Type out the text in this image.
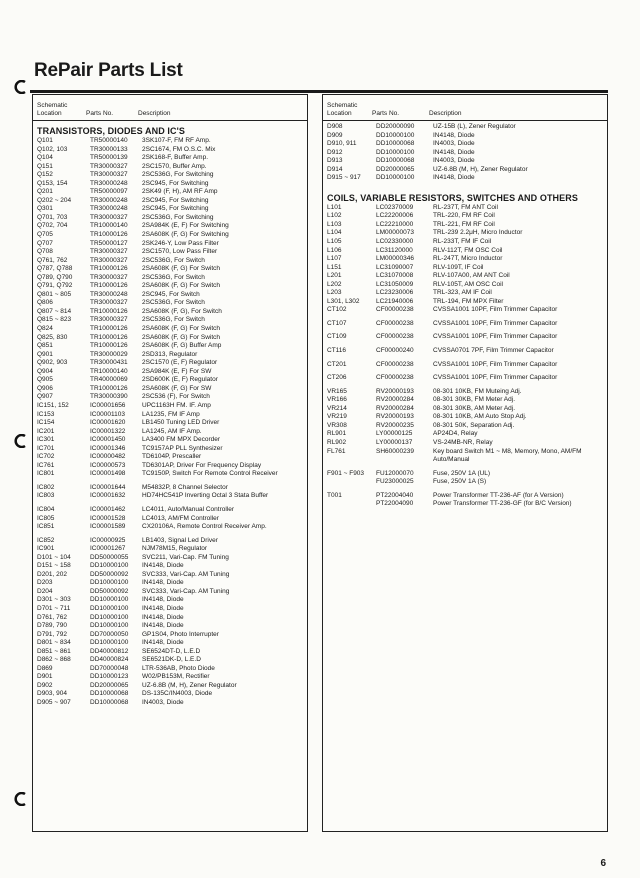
RePair Parts List
Schematic Location	Parts No.	Description
TRANSISTORS, DIODES AND IC'S
Q101	TR50000140	3SK107-F, FM RF Amp.
Q102, 103	TR30000133	2SC1674, FM O.S.C. Mix
Q104	TR50000139	2SK168-F, Buffer Amp.
Q151	TR30000327	2SC1570, Buffer Amp.
Q152	TR30000327	2SC536G, For Switching
Q153, 154	TR30000248	2SC945, For Switching
Q201	TR50000097	2SK49 (F, H), AM RF Amp
Q202 ~ 204	TR30000248	2SC945, For Switching
Q301	TR30000248	2SC945, For Switching
Q701, 703	TR30000327	2SC536G, For Switching
Q702, 704	TR10000140	2SA984K (E, F) For Switching
Q705	TR10000126	2SA608K (F, G) For Switching
Q707	TR50000127	2SK246-Y, Low Pass Filter
Q708	TR30000327	2SC1570, Low Pass Filter
Q761, 762	TR30000327	2SC536G, For Switch
Q787, Q788	TR10000126	2SA608K (F, G) For Switch
Q789, Q790	TR30000327	2SC536G, For Switch
Q791, Q792	TR10000126	2SA608K (F, G) For Switch
Q801 ~ 805	TR30000248	2SC945, For Switch
Q806	TR30000327	2SC536G, For Switch
Q807 ~ 814	TR10000126	2SA608K (F, G), For Switch
Q815 ~ 823	TR30000327	2SC536G, For Switch
Q824	TR10000126	2SA608K (F, G) For Switch
Q825, 830	TR10000126	2SA608K (F, G) For Switch
Q851	TR10000126	2SA608K (F, G) Buffer Amp
Q901	TR30000029	2SD313, Regulator
Q902, 903	TR30000431	2SC1570 (E, F) Regulator
Q904	TR10000140	2SA984K (E, F) For SW
Q905	TR40000069	2SD600K (E, F) Regulator
Q906	TR10000126	2SA608K (F, G) For SW
Q907	TR30000390	2SC536 (F), For Switch
IC151, 152	IC00001656	UPC1163H FM. IF. Amp
IC153	IC00001103	LA1235, FM IF Amp
IC154	IC00001620	LB1450 Tuning LED Driver
IC201	IC00001322	LA1245, AM IF Amp.
IC301	IC00001450	LA3400 FM MPX Decorder
IC701	IC00001346	TC9157AP PLL Synthesizer
IC702	IC00000482	TD6104P, Prescaller
IC761	IC00000573	TD6301AP, Driver For Frequency Display
IC801	IC00001498	TC9150P, Switch For Remote Control Receiver
IC802	IC00001644	M54832P, 8 Channel Selector
IC803	IC00001632	HD74HC541P Inverting Octal 3 Stata Buffer
IC804	IC00001462	LC4011, Auto/Manual Controller
IC805	IC00001528	LC4013, AM/FM Controller
IC851	IC00001589	CX20106A, Remote Control Receiver Amp.
IC852	IC00000925	LB1403, Signal Led Driver
IC901	IC00001267	NJM78M15, Regulator
D101 ~ 104	DD50000055	SVC211, Vari-Cap. FM Tuning
D151 ~ 158	DD10000100	IN4148, Diode
D201, 202	DD50000092	SVC333, Vari-Cap. AM Tuning
D203	DD10000100	IN4148, Diode
D204	DD50000092	SVC333, Vari-Cap. AM Tuning
D301 ~ 303	DD10000100	IN4148, Diode
D701 ~ 711	DD10000100	IN4148, Diode
D761, 762	DD10000100	IN4148, Diode
D789, 790	DD10000100	IN4148, Diode
D791, 792	DD70000050	GP1S04, Photo Interrupter
D801 ~ 834	DD10000100	IN4148, Diode
D851 ~ 861	DD40000812	SE6524DT-D, L.E.D
D862 ~ 868	DD40000824	SE6521DK-D, L.E.D
D869	DD70000048	LTR-536AB, Photo Diode
D901	DD10000123	W02/PB153M, Rectifier
D902	DD20000065	UZ-6.8B (M, H), Zener Regulator
D903, 904	DD10000068	DS-135C/IN4003, Diode
D905 ~ 907	DD10000068	IN4003, Diode
Schematic Location	Parts No.	Description
D908	DD20000090	UZ-15B (L), Zener Regulator
D909	DD10000100	IN4148, Diode
D910, 911	DD10000068	IN4003, Diode
D912	DD10000100	IN4148, Diode
D913	DD10000068	IN4003, Diode
D914	DD20000065	UZ-6.8B (M, H), Zener Regulator
D915 ~ 917	DD10000100	IN4148, Diode
COILS, VARIABLE RESISTORS, SWITCHES AND OTHERS
L101	LC02370009	RL-237T, FM ANT Coil
L102	LC22200006	TRL-220, FM RF Coil
L103	LC22210000	TRL-221, FM RF Coil
L104	LM00000073	TRL-239 2.2μH, Micro Inductor
L105	LC02330000	RL-233T, FM IF Coil
L106	LC31120000	RLV-112T, FM OSC Coil
L107	LM00000346	RL-247T, Micro Inductor
L151	LC31090007	RLV-109T, IF Coil
L201	LC31070008	RLV-107A00, AM ANT Coil
L202	LC31050009	RLV-105T, AM OSC Coil
L203	LC23230006	TRL-323, AM IF Coil
L301, L302	LC21940006	TRL-194, FM MPX Filter
CT102	CF00000238	CVSSA1001 10PF, Film Trimmer Capacitor
CT107	CF00000238	CVSSA1001 10PF, Film Trimmer Capacitor
CT109	CF00000238	CVSSA1001 10PF, Film Trimmer Capacitor
CT116	CF00000240	CVSSA0701 7PF, Film Trimmer Capacitor
CT201	CF00000238	CVSSA1001 10PF, Film Trimmer Capacitor
CT206	CF00000238	CVSSA1001 10PF, Film Trimmer Capacitor
VR165	RV20000193	08-301 10KB, FM Muteing Adj.
VR166	RV20000284	08-301 30KB, FM Meter Adj.
VR214	RV20000284	08-301 30KB, AM Meter Adj.
VR219	RV20000193	08-301 10KB, AM Auto Stop Adj.
VR308	RV20000235	08-301 50K, Separation Adj.
RL901	LY00000125	AP24D4, Relay
RL902	LY00000137	VS-24MB-NR, Relay
FL761	SH60000239	Key board Switch M1 ~ M8, Memory, Mono, AM/FM Auto/Manual
F901 ~ F903	FU12000070	Fuse, 250V 1A (UL)
FU23000025	Fuse, 250V 1A (S)
T001	PT22004040	Power Transformer TT-236-AF (for A Version)
PT22004090	Power Transformer TT-236-GF (for B/C Version)
6
